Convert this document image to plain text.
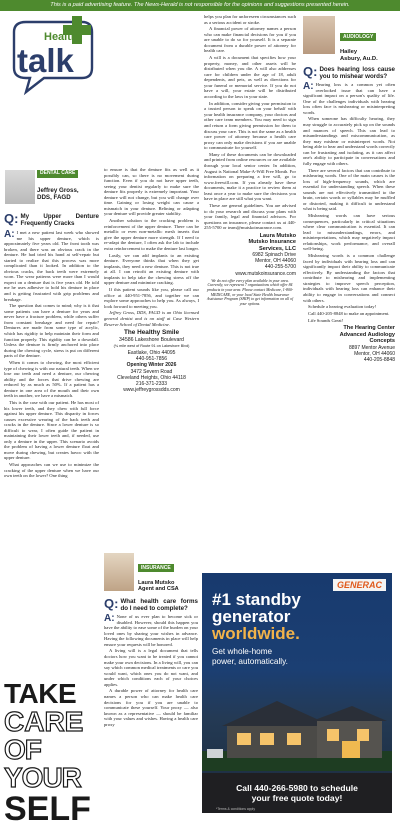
This is a paid advertising feature. The News-Herald is not responsible for the opinions and suggestions presented herein.
Health
talk
DENTAL CARE
Jeffrey Gross,
DDS, FAGD
Q: My Upper Denture Frequently Cracks

A: I met a new patient last week who showed me his upper denture, which is approximately five years old. The front tooth was broken, and there was an obvious crack in the denture. He had tried his hand at self-repair but started to realize that this process was more complicated than it looked. In addition to the obvious cracks, the back teeth were extremely worn. The wear patterns were more than I would expect on a denture that is five years old. He told me he uses adhesive to hold his denture in place and is getting frustrated with grip problems and breakage.

The question that comes to mind; why is it that some patients can have a denture for years and never have a fracture problem, while others suffer from constant breakage and need for repair? Dentures are made from some type of acrylic, which has rigidity to help maintain their form and function properly. This rigidity can be a downfall. Unless the denture is firmly anchored into place during the chewing cycle, stress is put on different parts of the denture.

When it comes to chewing, the most efficient type of chewing is with our natural teeth. When we lose our teeth and need a denture, our chewing ability and the forces that drive chewing are reduced by as much as 50%. If a patient has a denture in one area of the mouth and their own teeth in another, we have a mismatch.

This is the case with our patient. He has most of his lower teeth, and they chew with full force against his upper denture. This disparity in forces causes excessive wearing of the back teeth and cracks in the denture. Since a lower denture is so difficult to wear, I often guide the patient in maintaining their lower teeth and, if needed, use only a denture in the upper. This scenario avoids the problem of having a lower denture float and move during chewing, but creates havoc with the upper denture.

What approaches can we use to minimize the cracking of the upper denture when we have our own teeth on the lower? One thing

to ensure is that the denture fits as well as it possibly can, so there is no movement during function. Even if you do not have upper teeth, seeing your dentist regularly to make sure the denture fits properly is extremely important. Your denture will not change, but you will change over time. Gaining or losing weight can cause a mismatch in your denture. Relining or adapting your denture will provide greater stability.

Another solution to the cracking problem is reinforcement of the upper denture. There can be metallic or even non-metallic mesh inserts that give the upper denture more strength. If I need to re-adapt the denture, I often ask the lab to include extra reinforcement to make the denture last longer.

Lastly, we can add implants to an existing denture. Everyone thinks that when they get implants, they need a new denture. This is not true at all. I can retrofit an existing denture with implants to help take the chewing stress off the upper denture and minimize cracking.

If this patient sounds like you, please call our office at 440-951-7856, and together we can explore some approaches to help you. As always, I look forward to meeting you.

Jeffrey Gross, DDS, FAGD is an Ohio licensed general dentist and is on staff at Case Western Reserve School of Dental Medicine.

The Healthy Smile
34586 Lakeshore Boulevard
(¾ mile west of Route 91 on Lakeshore Blvd)
Eastlake, Ohio 44095
440-951-7856
Opening Winter 2026
3472 Severn Road
Cleveland Heights, Ohio 44118
216-371-2333
www.jeffreygrossdds.com

helps you plan for unforeseen circumstances such as a serious accident or stroke.

A financial power of attorney names a person who can make financial decisions for you if you are unable to do so for yourself. It is a separate document from a durable power of attorney for health care.

A will is a document that specifies how your property, money, and other assets will be distributed when you die. A will also addresses care for children under the age of 18, adult dependents, and pets, as well as directions for your funeral or memorial service. If you do not have a will, your estate will be distributed according to the laws in your state.

In addition, consider giving your permission to a trusted person to speak on your behalf with your health insurance company, your doctors and other care team members. You may need to sign and return a form giving permission for them to discuss your care. This is not the same as a health care power of attorney because a health care proxy can only make decisions if you are unable to communicate for yourself.

Many of these documents can be downloaded and printed from online resources or are available through your local senior center. In addition, August is National Make-A-Will Free Month. For information on preparing a free will, go to www.freewill.com. If you already have these documents, make it a practice to review them at least once a year to make sure the decisions you have in place are still what you want.

These are general guidelines. You are advised to do your research and discuss your plans with your family, legal and financial advisors. For questions on insurance, please contact us at 440-255-5700 or team@mutskoinsurance.com.

Laura Mutsko
Mutsko Insurance
Services, LLC
6982 Spinach Drive
Mentor, OH 44060
440-255-5700
www.mutskoinsurance.com
We do not offer every plan available in your area. Currently, we represent 7 organizations which offer 84 products in your area. Please contact Medicare, 1-800-MEDICARE, or your local State Health Insurance Assistance Program (SHIP) to get information on all of your options.
AUDIOLOGY
Hailey
Asbury, Au.D.
Q: Does hearing loss cause you to mishear words?

A: Hearing loss is a common yet often overlooked issue that can have a significant impact on a person's quality of life. One of the challenges individuals with hearing loss often face is mishearing or misinterpreting words.

When someone has difficulty hearing, they may struggle to accurately pick up on the sounds and nuances of speech. This can lead to misunderstandings and miscommunication, as they may mishear or misinterpret words. Not being able to hear and understand words correctly can be frustrating and isolating, as it can affect one's ability to participate in conversations and fully engage with others.

There are several factors that can contribute to mishearing words. One of the main causes is the loss of high-frequency sounds, which are essential for understanding speech. When these sounds are not effectively transmitted to the brain, certain words or syllables may be muffled or distorted, making it difficult to understand what is being said.

Mishearing words can have serious consequences, particularly in critical situations where clear communication is essential. It can lead to misunderstandings, errors, and misinterpretations, which may negatively impact relationships, work performance, and overall well-being.

Mishearing words is a common challenge faced by individuals with hearing loss and can significantly impact their ability to communicate effectively. By understanding the factors that contribute to mishearing and implementing strategies to improve speech perception, individuals with hearing loss can enhance their ability to engage in conversations and connect with others.

Schedule a hearing evaluation today!

Call 440-205-8848 to make an appointment.

Life Sounds Great!

The Hearing Center
Advanced Audiology
Concepts
8897 Mentor Avenue
Mentor, OH 44060
440-205-8848
INSURANCE
Laura Mutsko
Agent and CSA
Q: What health care forms do I need to complete?

A: None of us ever plan to become sick or disabled. However, should this happen you have the ability to ease some of the burden on your loved ones by sharing your wishes in advance. Having the following documents in place will help ensure your requests will be honored.

A living will is a legal document that tells doctors how you want to be treated if you cannot make your own decisions. In a living will, you can say which common medical treatments or care you would want, which ones you do not want, and under which conditions each of your choices applies.

A durable power of attorney for health care names a person who can make health care decisions for you if you are unable to communicate these yourself. Your proxy — also known as a representative — should be familiar with your values and wishes. Having a health care proxy

TAKE
CARE
OF YOUR
SELF
GENERAC
#1 standby
generator
worldwide.
Get whole-home
power, automatically.
Call 440-266-5980 to schedule
your free quote today!
*Terms & conditions apply
